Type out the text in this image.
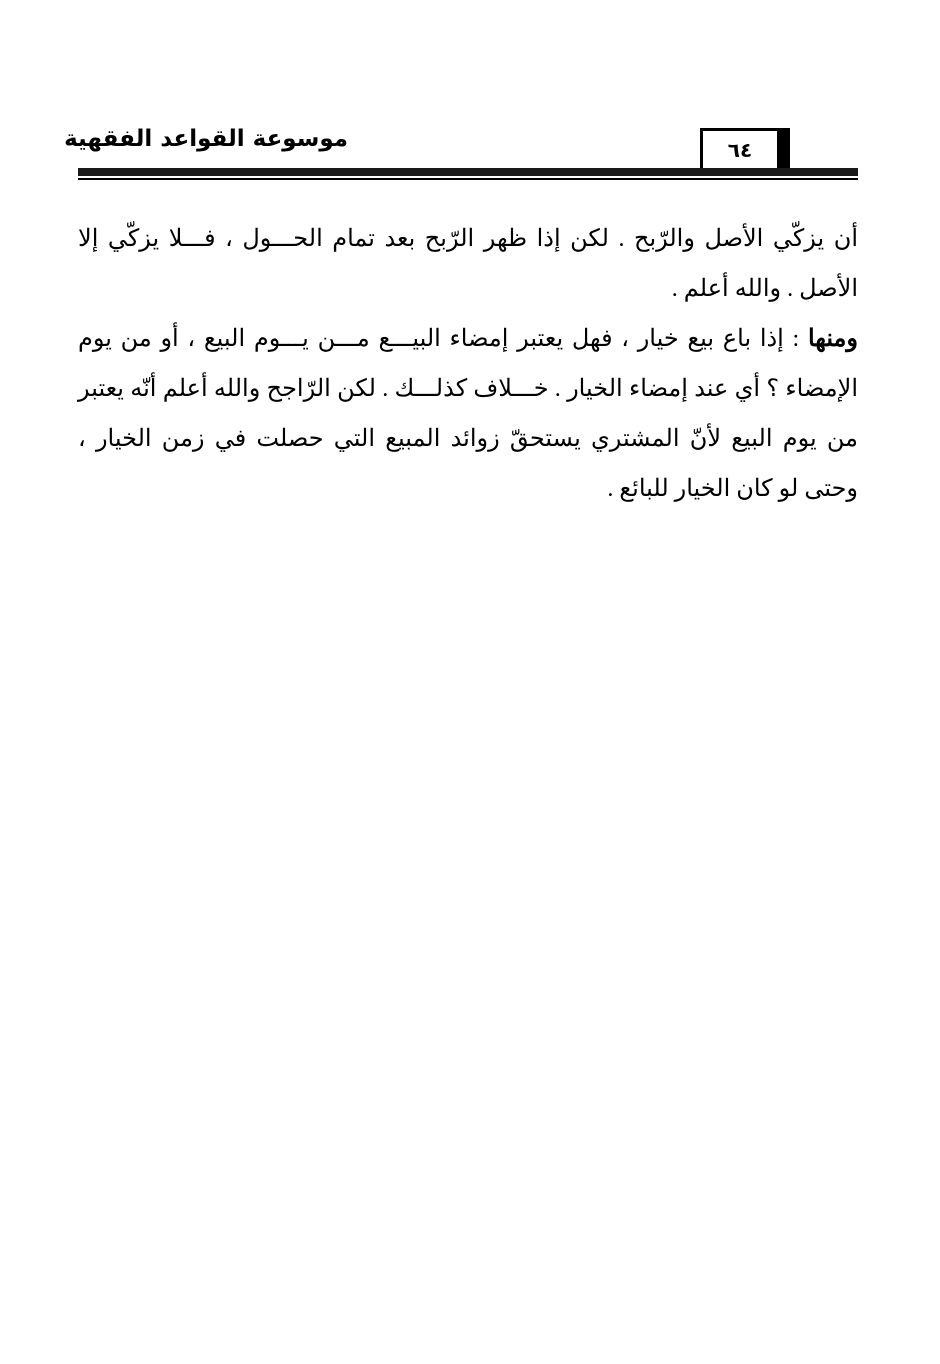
موسوعة القواعد الفقهية	٦٤

أن يزكّي الأصل والرّبح . لكن إذا ظهر الرّبح بعد تمام الحـــول ، فـــلا يزكّي إلا الأصل . والله أعلم .

ومنها : إذا باع بيع خيار ، فهل يعتبر إمضاء البيـــع مـــن يـــوم البيع ، أو من يوم الإمضاء ؟ أي عند إمضاء الخيار . خـــلاف كذلـــك . لكن الرّاجح والله أعلم أنّه يعتبر من يوم البيع لأنّ المشتري يستحقّ زوائد المبيع التي حصلت في زمن الخيار ، وحتى لو كان الخيار للبائع .
